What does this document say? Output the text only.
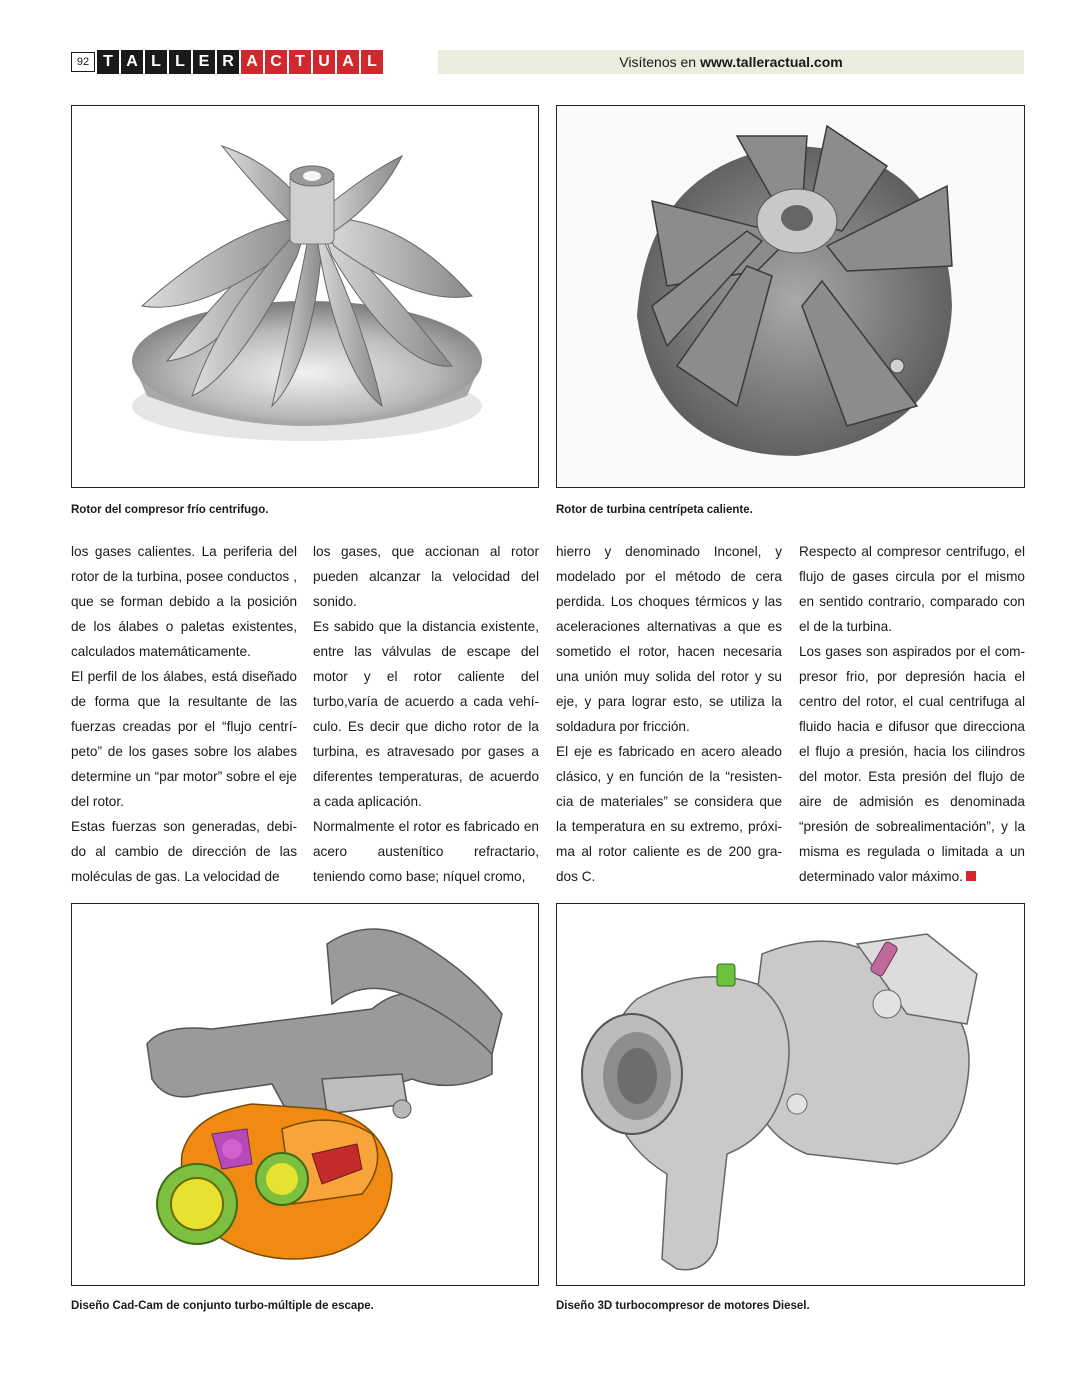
92 T A L L E R A C T U A L	Visítenos en www.talleractual.com
Rotor del compresor frío centrifugo.	Rotor de turbina centrípeta caliente.

los gases calientes. La periferia del rotor de la turbina, posee conductos , que se forman debido a la posición de los álabes o paletas existentes, calculados matemáticamente.

El perfil de los álabes, está diseñado de forma que la resultante de las fuerzas creadas por el “flujo centrí-peto” de los gases sobre los alabes determine un “par motor” sobre el eje del rotor.

Estas fuerzas son generadas, debi-do al cambio de dirección de las moléculas de gas. La velocidad de

los gases, que accionan al rotor pueden alcanzar la velocidad del sonido.

Es sabido que la distancia existente, entre las válvulas de escape del motor y el rotor caliente del turbo,varía de acuerdo a cada vehí-culo. Es decir que dicho rotor de la turbina, es atravesado por gases a diferentes temperaturas, de acuerdo a cada aplicación.

Normalmente el rotor es fabricado en acero austenítico refractario, teniendo como base; níquel cromo,

hierro y denominado Inconel, y modelado por el método de cera perdida. Los choques térmicos y las aceleraciones alternativas a que es sometido el rotor, hacen necesaria una unión muy solida del rotor y su eje, y para lograr esto, se utiliza la soldadura por fricción.

El eje es fabricado en acero aleado clásico, y en función de la “resisten-cia de materiales” se considera que la temperatura en su extremo, próxi-ma al rotor caliente es de 200 gra-dos C.

Respecto al compresor centrifugo, el flujo de gases circula por el mismo en sentido contrario, comparado con el de la turbina.

Los gases son aspirados por el com-presor frio, por depresión hacia el centro del rotor, el cual centrifuga al fluido hacia e difusor que direcciona el flujo a presión, hacia los cilindros del motor. Esta presión del flujo de aire de admisión es denominada “presión de sobrealimentación”, y la misma es regulada o limitada a un determinado valor máximo.

Diseño Cad-Cam de conjunto turbo-múltiple de escape.	Diseño 3D turbocompresor de motores Diesel.
